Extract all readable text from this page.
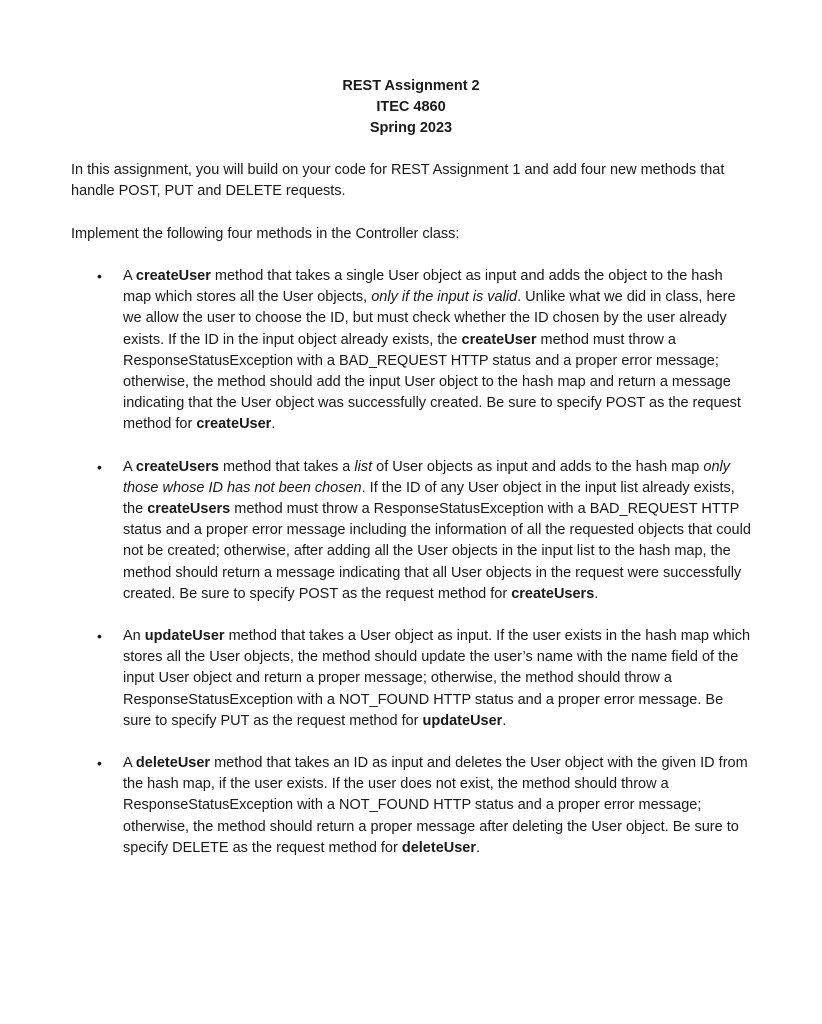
REST Assignment 2
ITEC 4860
Spring 2023

In this assignment, you will build on your code for REST Assignment 1 and add four new methods that handle POST, PUT and DELETE requests.

Implement the following four methods in the Controller class:

• A createUser method that takes a single User object as input and adds the object to the hash map which stores all the User objects, only if the input is valid. Unlike what we did in class, here we allow the user to choose the ID, but must check whether the ID chosen by the user already exists. If the ID in the input object already exists, the createUser method must throw a ResponseStatusException with a BAD_REQUEST HTTP status and a proper error message; otherwise, the method should add the input User object to the hash map and return a message indicating that the User object was successfully created. Be sure to specify POST as the request method for createUser.
• A createUsers method that takes a list of User objects as input and adds to the hash map only those whose ID has not been chosen. If the ID of any User object in the input list already exists, the createUsers method must throw a ResponseStatusException with a BAD_REQUEST HTTP status and a proper error message including the information of all the requested objects that could not be created; otherwise, after adding all the User objects in the input list to the hash map, the method should return a message indicating that all User objects in the request were successfully created. Be sure to specify POST as the request method for createUsers.
• An updateUser method that takes a User object as input. If the user exists in the hash map which stores all the User objects, the method should update the user’s name with the name field of the input User object and return a proper message; otherwise, the method should throw a ResponseStatusException with a NOT_FOUND HTTP status and a proper error message. Be sure to specify PUT as the request method for updateUser.
• A deleteUser method that takes an ID as input and deletes the User object with the given ID from the hash map, if the user exists. If the user does not exist, the method should throw a ResponseStatusException with a NOT_FOUND HTTP status and a proper error message; otherwise, the method should return a proper message after deleting the User object. Be sure to specify DELETE as the request method for deleteUser.
